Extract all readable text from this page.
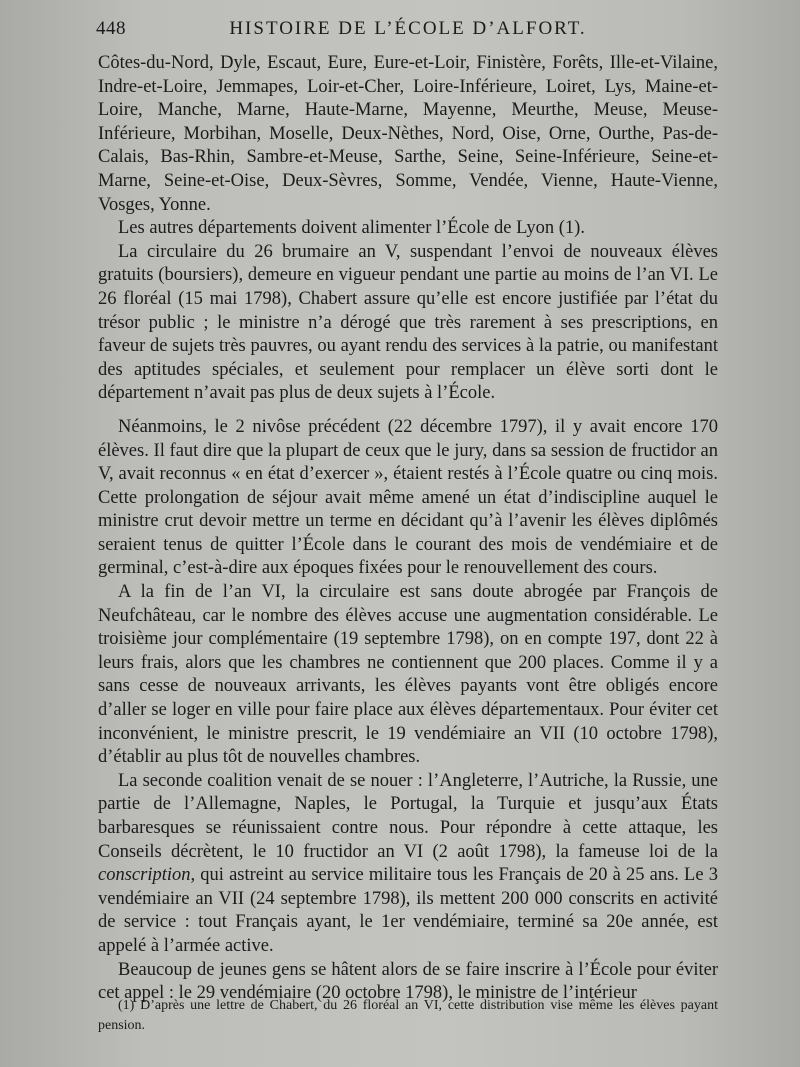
448	HISTOIRE DE L’ÉCOLE D’ALFORT.

Côtes-du-Nord, Dyle, Escaut, Eure, Eure-et-Loir, Finistère, Forêts, Ille-et-Vilaine, Indre-et-Loire, Jemmapes, Loir-et-Cher, Loire-Inférieure, Loiret, Lys, Maine-et-Loire, Manche, Marne, Haute-Marne, Mayenne, Meurthe, Meuse, Meuse-Inférieure, Morbihan, Moselle, Deux-Nèthes, Nord, Oise, Orne, Ourthe, Pas-de-Calais, Bas-Rhin, Sambre-et-Meuse, Sarthe, Seine, Seine-Inférieure, Seine-et-Marne, Seine-et-Oise, Deux-Sèvres, Somme, Vendée, Vienne, Haute-Vienne, Vosges, Yonne.

Les autres départements doivent alimenter l’École de Lyon (1).

La circulaire du 26 brumaire an V, suspendant l’envoi de nouveaux élèves gratuits (boursiers), demeure en vigueur pendant une partie au moins de l’an VI. Le 26 floréal (15 mai 1798), Chabert assure qu’elle est encore justifiée par l’état du trésor public ; le ministre n’a dérogé que très rarement à ses prescriptions, en faveur de sujets très pauvres, ou ayant rendu des services à la patrie, ou manifestant des aptitudes spéciales, et seulement pour remplacer un élève sorti dont le département n’avait pas plus de deux sujets à l’École.

Néanmoins, le 2 nivôse précédent (22 décembre 1797), il y avait encore 170 élèves. Il faut dire que la plupart de ceux que le jury, dans sa session de fructidor an V, avait reconnus « en état d’exercer », étaient restés à l’École quatre ou cinq mois. Cette prolongation de séjour avait même amené un état d’indiscipline auquel le ministre crut devoir mettre un terme en décidant qu’à l’avenir les élèves diplômés seraient tenus de quitter l’École dans le courant des mois de vendémiaire et de germinal, c’est-à-dire aux époques fixées pour le renouvellement des cours.

A la fin de l’an VI, la circulaire est sans doute abrogée par François de Neufchâteau, car le nombre des élèves accuse une augmentation considérable. Le troisième jour complémentaire (19 septembre 1798), on en compte 197, dont 22 à leurs frais, alors que les chambres ne contiennent que 200 places. Comme il y a sans cesse de nouveaux arrivants, les élèves payants vont être obligés encore d’aller se loger en ville pour faire place aux élèves départementaux. Pour éviter cet inconvénient, le ministre prescrit, le 19 vendémiaire an VII (10 octobre 1798), d’établir au plus tôt de nouvelles chambres.

La seconde coalition venait de se nouer : l’Angleterre, l’Autriche, la Russie, une partie de l’Allemagne, Naples, le Portugal, la Turquie et jusqu’aux États barbaresques se réunissaient contre nous. Pour répondre à cette attaque, les Conseils décrètent, le 10 fructidor an VI (2 août 1798), la fameuse loi de la conscription, qui astreint au service militaire tous les Français de 20 à 25 ans. Le 3 vendémiaire an VII (24 septembre 1798), ils mettent 200 000 conscrits en activité de service : tout Français ayant, le 1er vendémiaire, terminé sa 20e année, est appelé à l’armée active.

Beaucoup de jeunes gens se hâtent alors de se faire inscrire à l’École pour éviter cet appel : le 29 vendémiaire (20 octobre 1798), le ministre de l’intérieur

(1) D’après une lettre de Chabert, du 26 floréal an VI, cette distribution vise même les élèves payant pension.
